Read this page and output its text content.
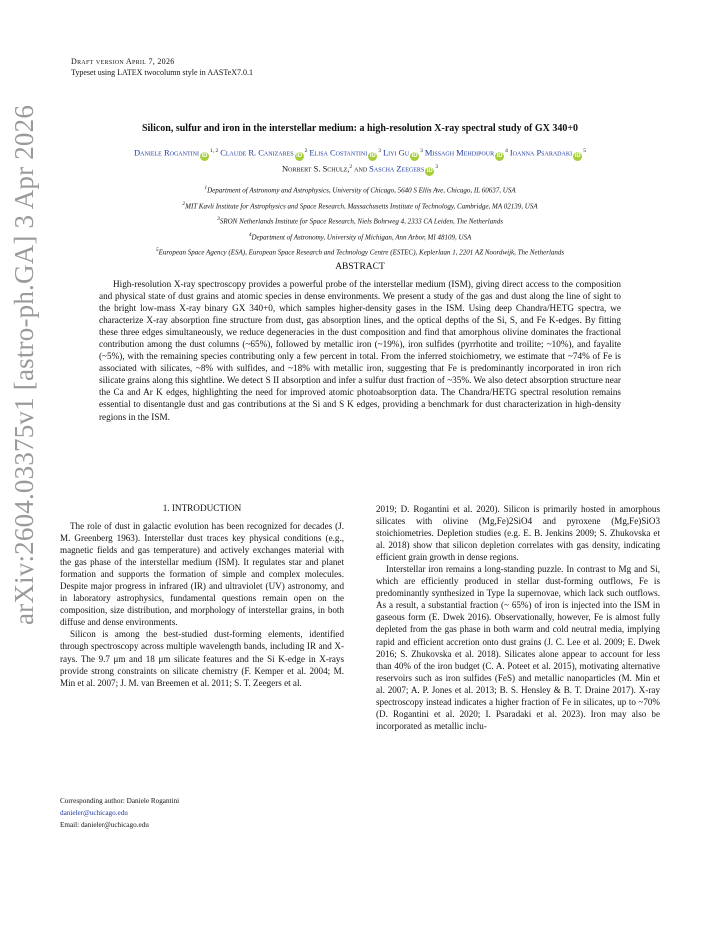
arXiv:2604.03375v1 [astro-ph.GA] 3 Apr 2026
Draft version April 7, 2026
Typeset using LATEX twocolumn style in AASTeX7.0.1
Silicon, sulfur and iron in the interstellar medium: a high-resolution X-ray spectral study of GX 340+0
Daniele Rogantini iD$^{1, 2}$ Claude R. Canizares $iD^2$ Elisa Costantini $iD^3$ Liyi Gu $iD^3$ Missagh Mehdipour $iD^4$ Ioanna Psaradaki $iD^5$
Norbert S. Schulz,$^2$ and Sascha Zeegers $iD^3$
$^1$Department of Astronomy and Astrophysics, University of Chicago, 5640 S Ellis Ave, Chicago, IL 60637, USA
$^2$MIT Kavli Institute for Astrophysics and Space Research, Massachusetts Institute of Technology, Cambridge, MA 02139, USA
$^3$SRON Netherlands Institute for Space Research, Niels Bohrweg 4, 2333 CA Leiden, The Netherlands
$^4$Department of Astronomy, University of Michigan, Ann Arbor, MI 48109, USA
$^5$European Space Agency (ESA), European Space Research and Technology Centre (ESTEC), Keplerlaan 1, 2201 AZ Noordwijk, The Netherlands
ABSTRACT
High-resolution X-ray spectroscopy provides a powerful probe of the interstellar medium (ISM), giving direct access to the composition and physical state of dust grains and atomic species in dense environments. We present a study of the gas and dust along the line of sight to the bright low-mass X-ray binary GX 340+0, which samples higher-density gases in the ISM. Using deep Chandra/HETG spectra, we characterize X-ray absorption fine structure from dust, gas absorption lines, and the optical depths of the Si, S, and Fe K-edges. By fitting these three edges simultaneously, we reduce degeneracies in the dust composition and find that amorphous olivine dominates the fractional contribution among the dust columns (~65%), followed by metallic iron (~19%), iron sulfides (pyrrhotite and troilite; ~10%), and fayalite (~5%), with the remaining species contributing only a few percent in total. From the inferred stoichiometry, we estimate that ~74% of Fe is associated with silicates, ~8% with sulfides, and ~18% with metallic iron, suggesting that Fe is predominantly incorporated in iron rich silicate grains along this sightline. We detect S II absorption and infer a sulfur dust fraction of ~35%. We also detect absorption structure near the Ca and Ar K edges, highlighting the need for improved atomic photoabsorption data. The Chandra/HETG spectral resolution remains essential to disentangle dust and gas contributions at the Si and S K edges, providing a benchmark for dust characterization in high-density regions in the ISM.
1. INTRODUCTION

The role of dust in galactic evolution has been recognized for decades (J. M. Greenberg 1963). Interstellar dust traces key physical conditions (e.g., magnetic fields and gas temperature) and actively exchanges material with the gas phase of the interstellar medium (ISM). It regulates star and planet formation and supports the formation of simple and complex molecules. Despite major progress in infrared (IR) and ultraviolet (UV) astronomy, and in laboratory astrophysics, fundamental questions remain open on the composition, size distribution, and morphology of interstellar grains, in both diffuse and dense environments.

Silicon is among the best-studied dust-forming elements, identified through spectroscopy across multiple wavelength bands, including IR and X-rays. The 9.7 μm and 18 μm silicate features and the Si K-edge in X-rays provide strong constraints on silicate chemistry (F. Kemper et al. 2004; M. Min et al. 2007; J. M. van Breemen et al. 2011; S. T. Zeegers et al.

2019; D. Rogantini et al. 2020). Silicon is primarily hosted in amorphous silicates with olivine (Mg,Fe)2SiO4 and pyroxene (Mg,Fe)SiO3 stoichiometries. Depletion studies (e.g. E. B. Jenkins 2009; S. Zhukovska et al. 2018) show that silicon depletion correlates with gas density, indicating efficient grain growth in dense regions.

Interstellar iron remains a long-standing puzzle. In contrast to Mg and Si, which are efficiently produced in stellar dust-forming outflows, Fe is predominantly synthesized in Type Ia supernovae, which lack such outflows. As a result, a substantial fraction (~ 65%) of iron is injected into the ISM in gaseous form (E. Dwek 2016). Observationally, however, Fe is almost fully depleted from the gas phase in both warm and cold neutral media, implying rapid and efficient accretion onto dust grains (J. C. Lee et al. 2009; E. Dwek 2016; S. Zhukovska et al. 2018). Silicates alone appear to account for less than 40% of the iron budget (C. A. Poteet et al. 2015), motivating alternative reservoirs such as iron sulfides (FeS) and metallic nanoparticles (M. Min et al. 2007; A. P. Jones et al. 2013; B. S. Hensley & B. T. Draine 2017). X-ray spectroscopy instead indicates a higher fraction of Fe in silicates, up to ~70% (D. Rogantini et al. 2020; I. Psaradaki et al. 2023). Iron may also be incorporated as metallic inclu-

Corresponding author: Daniele Rogantini
danieler@uchicago.edu
Email: danieler@uchicago.edu
